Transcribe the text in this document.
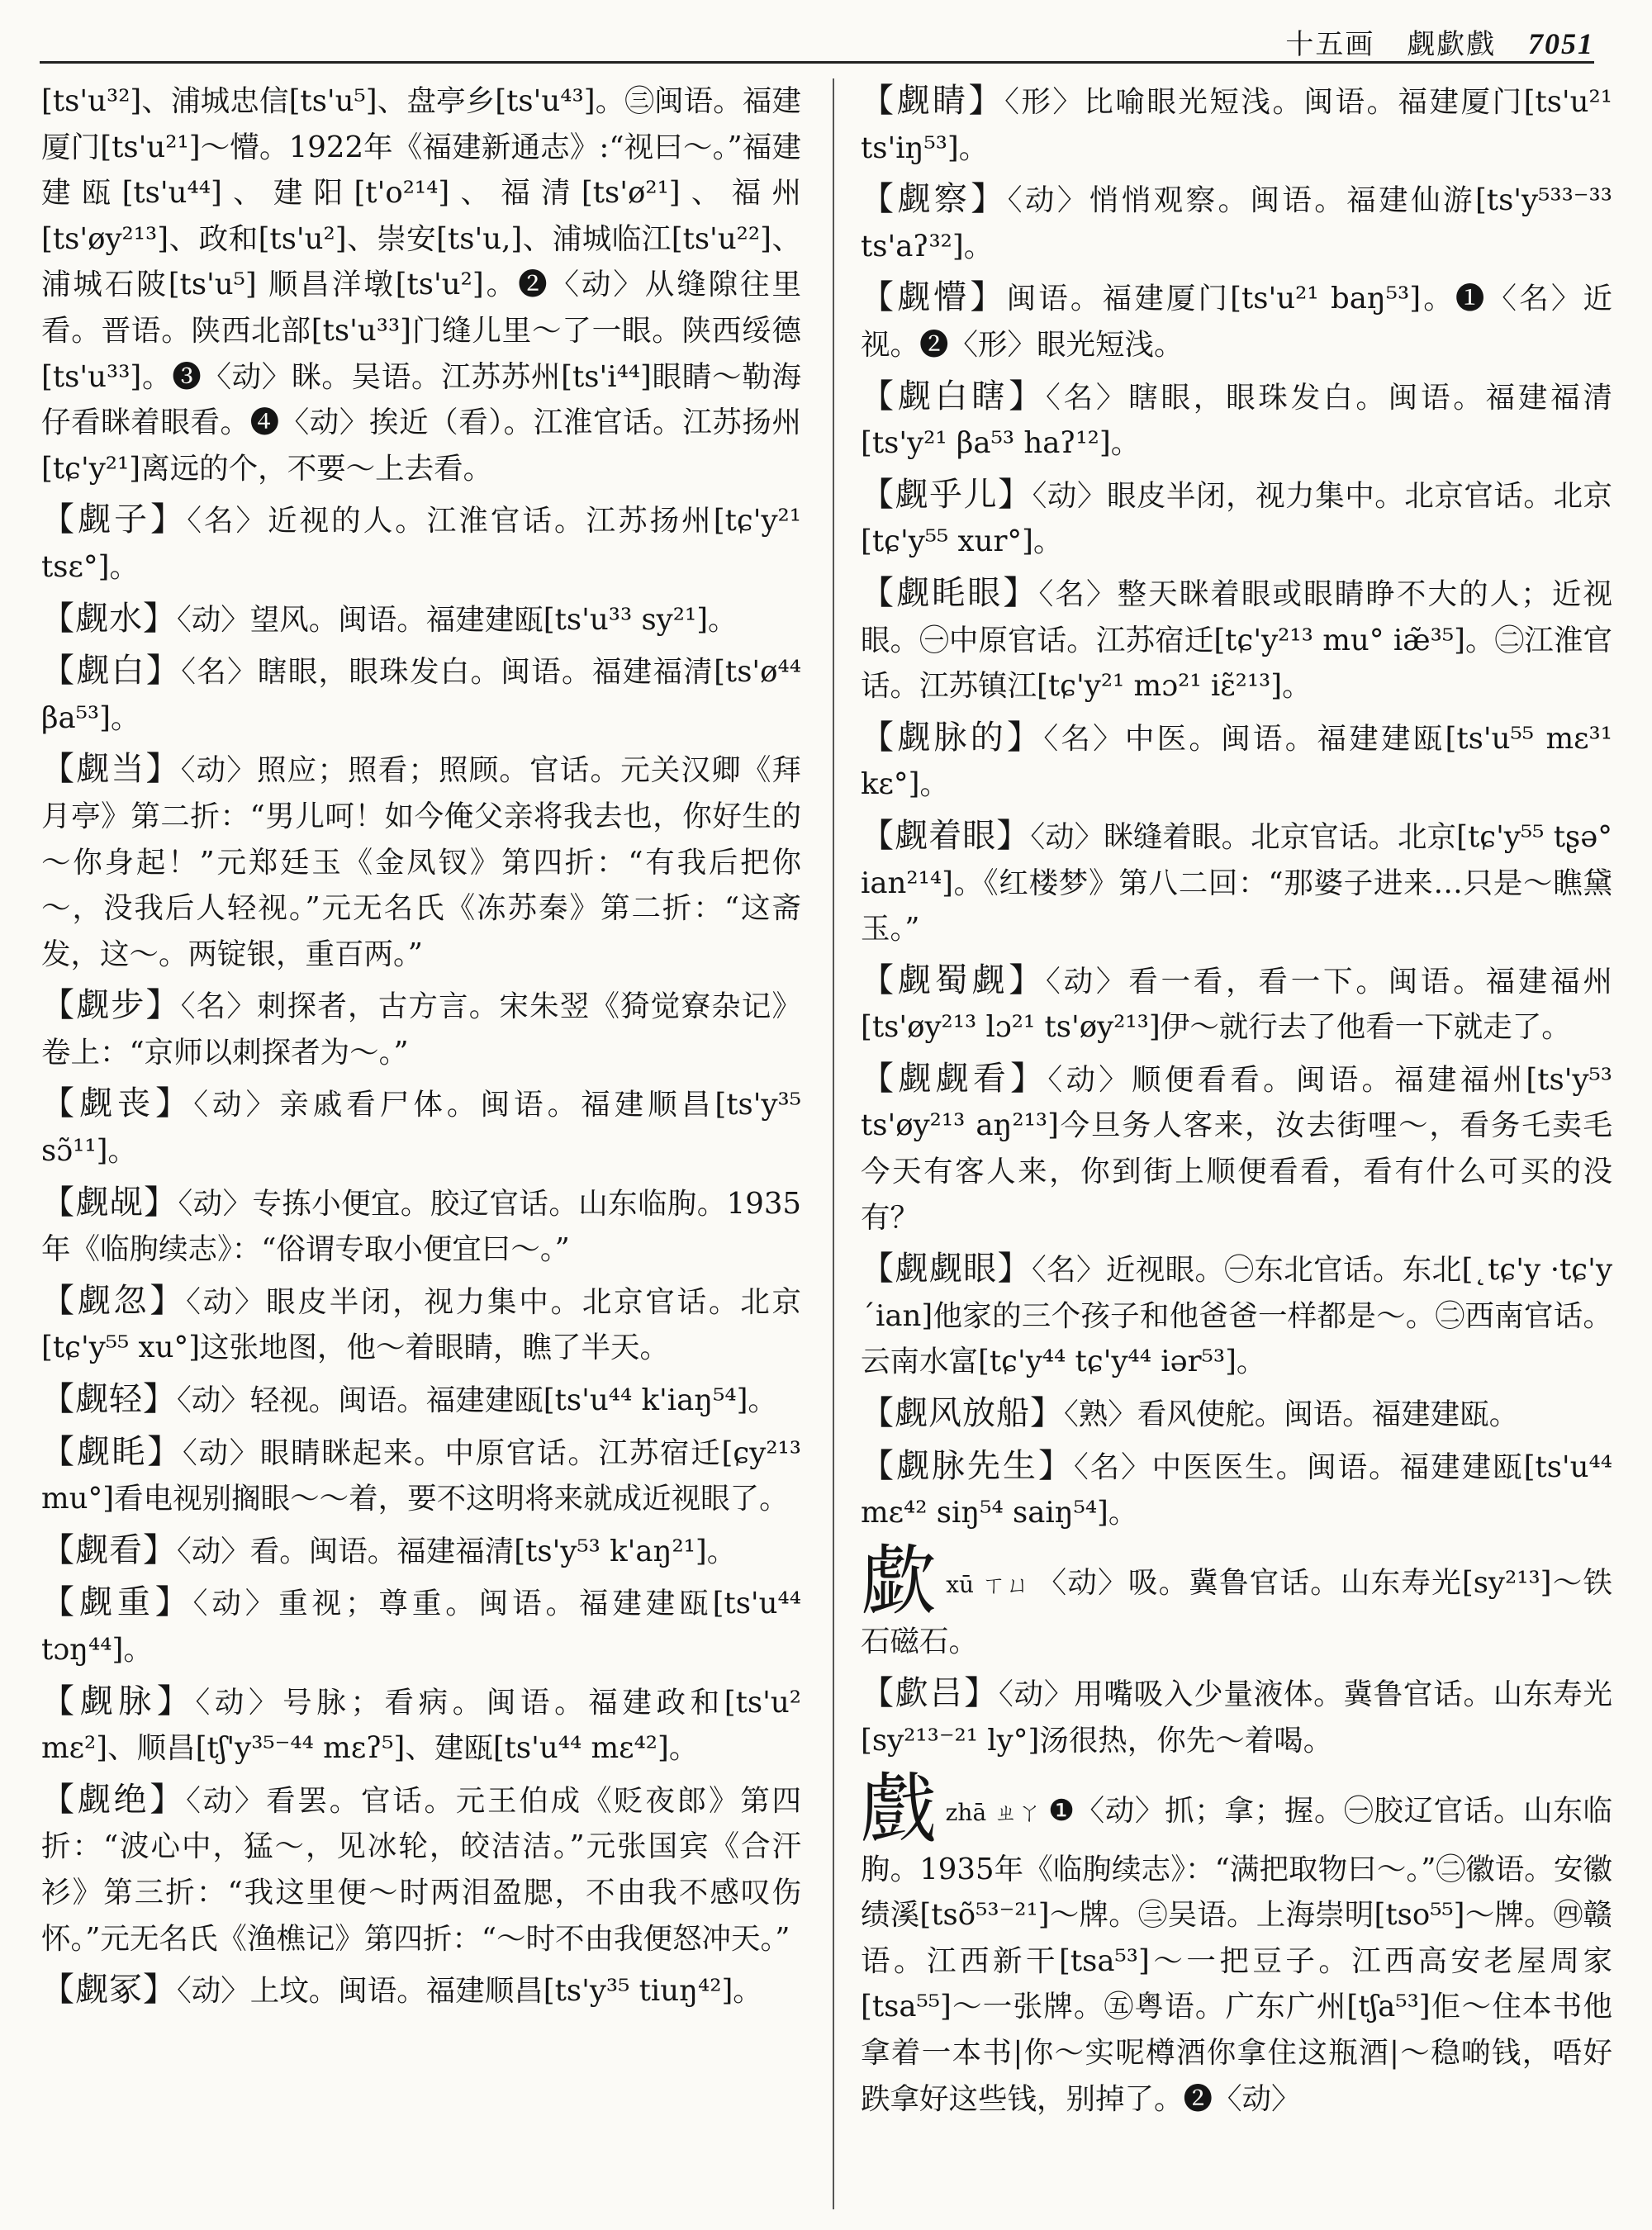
十五画 觑歔戲 7051
[ts'u³²]、浦城忠信[ts'u⁵]、盘亭乡[ts'u⁴³]。㊂闽语。福建厦门[ts'u²¹]～懵。1922年《福建新通志》:“视曰～。”福建建瓯[ts'u⁴⁴]、建阳[t'o²¹⁴]、福清[ts'ø²¹]、福州[ts'øy²¹³]、政和[ts'u²]、崇安[ts'u,]、浦城临江[ts'u²²]、浦城石陂[ts'u⁵] 顺昌洋墩[ts'u²]。❷〈动〉从缝隙往里看。晋语。陕西北部[ts'u³³]门缝儿里～了一眼。陕西绥德[ts'u³³]。❸〈动〉眯。吴语。江苏苏州[ts'i⁴⁴]眼睛～勒海仔看眯着眼看。❹〈动〉挨近（看）。江淮官话。江苏扬州[tɕ'y²¹]离远的个，不要～上去看。
【觑子】〈名〉近视的人。江淮官话。江苏扬州[tɕ'y²¹ tsɛ°]。
【觑水】〈动〉望风。闽语。福建建瓯[ts'u³³ sy²¹]。
【觑白】〈名〉瞎眼，眼珠发白。闽语。福建福清[ts'ø⁴⁴ βa⁵³]。
【觑当】〈动〉照应；照看；照顾。官话。元关汉卿《拜月亭》第二折：“男儿呵！如今俺父亲将我去也，你好生的～你身起！”元郑廷玉《金凤钗》第四折：“有我后把你～，没我后人轻视。”元无名氏《冻苏秦》第二折：“这斋发，这～。两锭银，重百两。”
【觑步】〈名〉刺探者，古方言。宋朱翌《猗觉寮杂记》卷上：“京师以刺探者为～。”
【觑丧】〈动〉亲戚看尸体。闽语。福建顺昌[ts'y³⁵ sɔ̃¹¹]。
【觑觇】〈动〉专拣小便宜。胶辽官话。山东临朐。1935年《临朐续志》：“俗谓专取小便宜曰～。”
【觑忽】〈动〉眼皮半闭，视力集中。北京官话。北京[tɕ'y⁵⁵ xu°]这张地图，他～着眼睛，瞧了半天。
【觑轻】〈动〉轻视。闽语。福建建瓯[ts'u⁴⁴ k'iaŋ⁵⁴]。
【觑眊】〈动〉眼睛眯起来。中原官话。江苏宿迁[ɕy²¹³ mu°]看电视别搁眼～～着，要不这明将来就成近视眼了。
【觑看】〈动〉看。闽语。福建福清[ts'y⁵³ k'aŋ²¹]。
【觑重】〈动〉重视；尊重。闽语。福建建瓯[ts'u⁴⁴ tɔŋ⁴⁴]。
【觑脉】〈动〉号脉；看病。闽语。福建政和[ts'u² mɛ²]、顺昌[tʃ'y³⁵⁻⁴⁴ mɛʔ⁵]、建瓯[ts'u⁴⁴ mɛ⁴²]。
【觑绝】〈动〉看罢。官话。元王伯成《贬夜郎》第四折：“波心中，猛～，见冰轮，皎洁洁。”元张国宾《合汗衫》第三折：“我这里便～时两泪盈腮，不由我不感叹伤怀。”元无名氏《渔樵记》第四折：“～时不由我便怒冲天。”
【觑冢】〈动〉上坟。闽语。福建顺昌[ts'y³⁵ tiuŋ⁴²]。
【觑睛】〈形〉比喻眼光短浅。闽语。福建厦门[ts'u²¹ ts'iŋ⁵³]。
【觑察】〈动〉悄悄观察。闽语。福建仙游[ts'y⁵³³⁻³³ ts'aʔ³²]。
【觑懵】闽语。福建厦门[ts'u²¹ baŋ⁵³]。❶〈名〉近视。❷〈形〉眼光短浅。
【觑白瞎】〈名〉瞎眼，眼珠发白。闽语。福建福清[ts'y²¹ βa⁵³ haʔ¹²]。
【觑乎儿】〈动〉眼皮半闭，视力集中。北京官话。北京[tɕ'y⁵⁵ xur°]。
【觑眊眼】〈名〉整天眯着眼或眼睛睁不大的人；近视眼。㊀中原官话。江苏宿迁[tɕ'y²¹³ mu° iæ̃³⁵]。㊁江淮官话。江苏镇江[tɕ'y²¹ mɔ²¹ iɛ̃²¹³]。
【觑脉的】〈名〉中医。闽语。福建建瓯[ts'u⁵⁵ mɛ³¹ kɛ°]。
【觑着眼】〈动〉眯缝着眼。北京官话。北京[tɕ'y⁵⁵ tʂə° ian²¹⁴]。《红楼梦》第八二回：“那婆子进来…只是～瞧黛玉。”
【觑蜀觑】〈动〉看一看，看一下。闽语。福建福州[ts'øy²¹³ lɔ²¹ ts'øy²¹³]伊～就行去了他看一下就走了。
【觑觑看】〈动〉顺便看看。闽语。福建福州[ts'y⁵³ ts'øy²¹³ aŋ²¹³]今旦务人客来，汝去街哩～，看务乇卖毛今天有客人来，你到街上顺便看看，看有什么可买的没有？
【觑觑眼】〈名〉近视眼。㊀东北官话。东北[˛tɕ'y ·tɕ'y ˊian]他家的三个孩子和他爸爸一样都是～。㊁西南官话。云南水富[tɕ'y⁴⁴ tɕ'y⁴⁴ iər⁵³]。
【觑风放船】〈熟〉看风使舵。闽语。福建建瓯。
【觑脉先生】〈名〉中医医生。闽语。福建建瓯[ts'u⁴⁴ mɛ⁴² siŋ⁵⁴ saiŋ⁵⁴]。
歔xū ㄒㄩ 〈动〉吸。冀鲁官话。山东寿光[sy²¹³]～铁石磁石。
【歔吕】〈动〉用嘴吸入少量液体。冀鲁官话。山东寿光[sy²¹³⁻²¹ ly°]汤很热，你先～着喝。
戲zhā ㄓㄚ ❶〈动〉抓；拿；握。㊀胶辽官话。山东临朐。1935年《临朐续志》：“满把取物曰～。”㊁徽语。安徽绩溪[tsõ⁵³⁻²¹]～牌。㊂吴语。上海崇明[tso⁵⁵]～牌。㊃赣语。江西新干[tsa⁵³]～一把豆子。江西高安老屋周家[tsa⁵⁵]～一张牌。㊄粤语。广东广州[tʃa⁵³]佢～住本书他拿着一本书|你～实呢樽酒你拿住这瓶酒|～稳啲钱，唔好跌拿好这些钱，别掉了。❷〈动〉
